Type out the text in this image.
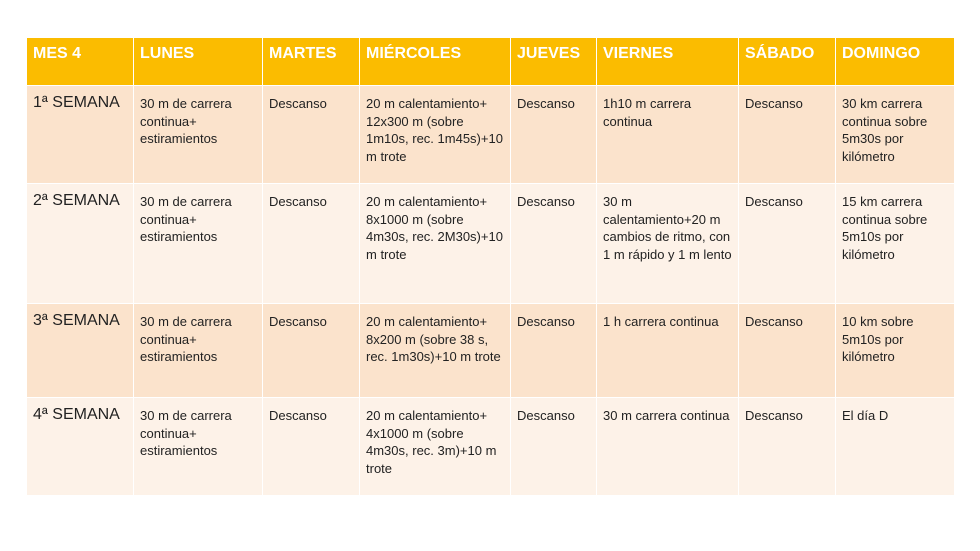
MES 4	LUNES	MARTES	MIÉRCOLES	JUEVES	VIERNES	SÁBADO	DOMINGO
1ª SEMANA	30 m de carrera continua+ estiramientos	Descanso	20 m calentamiento+ 12x300 m (sobre 1m10s, rec. 1m45s)+10 m trote	Descanso	1h10 m carrera continua	Descanso	30 km carrera continua sobre 5m30s por kilómetro
2ª SEMANA	30 m de carrera continua+ estiramientos	Descanso	20 m calentamiento+ 8x1000 m (sobre 4m30s, rec. 2M30s)+10 m trote	Descanso	30 m calentamiento+20 m cambios de ritmo, con 1 m rápido y 1 m lento	Descanso	15 km carrera continua sobre 5m10s por kilómetro
3ª SEMANA	30 m de carrera continua+ estiramientos	Descanso	20 m calentamiento+ 8x200 m (sobre 38 s, rec. 1m30s)+10 m trote	Descanso	1 h carrera continua	Descanso	10 km sobre 5m10s por kilómetro
4ª SEMANA	30 m de carrera continua+ estiramientos	Descanso	20 m calentamiento+ 4x1000 m (sobre 4m30s, rec. 3m)+10 m trote	Descanso	30 m carrera continua	Descanso	El día D
